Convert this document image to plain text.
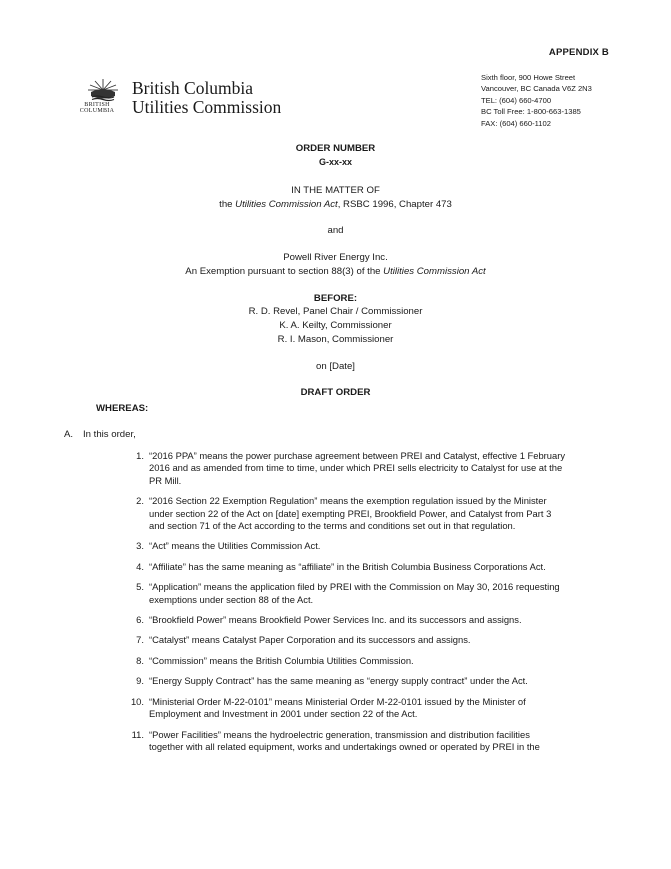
APPENDIX B
BRITISH
COLUMBIA
British Columbia
Utilities Commission
Sixth floor, 900 Howe Street
Vancouver, BC Canada V6Z 2N3
TEL: (604) 660-4700
BC Toll Free: 1-800-663-1385
FAX: (604) 660-1102
ORDER NUMBER
G-xx-xx
IN THE MATTER OF
the Utilities Commission Act, RSBC 1996, Chapter 473
and
Powell River Energy Inc.
An Exemption pursuant to section 88(3) of the Utilities Commission Act
BEFORE:
R. D. Revel, Panel Chair / Commissioner
K. A. Keilty, Commissioner
R. I. Mason, Commissioner
on [Date]
DRAFT ORDER
WHEREAS:
A. In this order,
1. “2016 PPA” means the power purchase agreement between PREI and Catalyst, effective 1 February
2016 and as amended from time to time, under which PREI sells electricity to Catalyst for use at the
PR Mill.
2. “2016 Section 22 Exemption Regulation” means the exemption regulation issued by the Minister
under section 22 of the Act on [date] exempting PREI, Brookfield Power, and Catalyst from Part 3
and section 71 of the Act according to the terms and conditions set out in that regulation.
3. “Act” means the Utilities Commission Act.
4. “Affiliate” has the same meaning as “affiliate” in the British Columbia Business Corporations Act.
5. “Application” means the application filed by PREI with the Commission on May 30, 2016 requesting
exemptions under section 88 of the Act.
6. “Brookfield Power” means Brookfield Power Services Inc. and its successors and assigns.
7. “Catalyst” means Catalyst Paper Corporation and its successors and assigns.
8. “Commission” means the British Columbia Utilities Commission.
9. “Energy Supply Contract” has the same meaning as “energy supply contract” under the Act.
10. “Ministerial Order M-22-0101” means Ministerial Order M-22-0101 issued by the Minister of
Employment and Investment in 2001 under section 22 of the Act.
11. “Power Facilities” means the hydroelectric generation, transmission and distribution facilities
together with all related equipment, works and undertakings owned or operated by PREI in the
